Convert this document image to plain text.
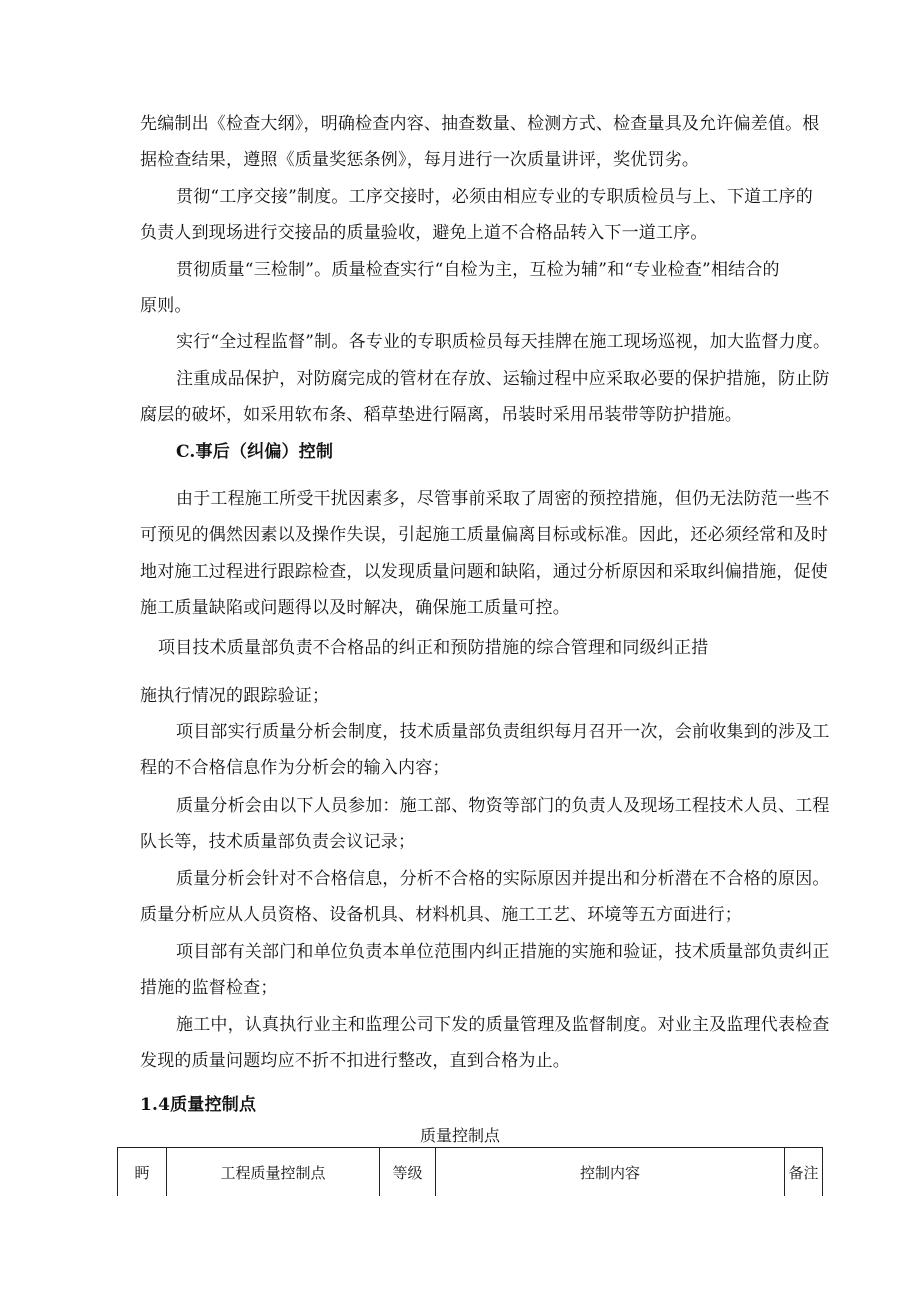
先编制出《检查大纲》，明确检查内容、抽查数量、检测方式、检查量具及允许偏差值。根
据检查结果，遵照《质量奖惩条例》，每月进行一次质量讲评，奖优罚劣。
贯彻“工序交接”制度。工序交接时，必须由相应专业的专职质检员与上、下道工序的
负责人到现场进行交接品的质量验收，避免上道不合格品转入下一道工序。
贯彻质量“三检制”。质量检查实行“自检为主，互检为辅”和“专业检查”相结合的
原则。
实行“全过程监督”制。各专业的专职质检员每天挂牌在施工现场巡视，加大监督力度。
注重成品保护，对防腐完成的管材在存放、运输过程中应采取必要的保护措施，防止防
腐层的破坏，如采用软布条、稻草垫进行隔离，吊装时采用吊装带等防护措施。
C.事后（纠偏）控制
由于工程施工所受干扰因素多，尽管事前采取了周密的预控措施，但仍无法防范一些不
可预见的偶然因素以及操作失误，引起施工质量偏离目标或标准。因此，还必须经常和及时
地对施工过程进行跟踪检查，以发现质量问题和缺陷，通过分析原因和采取纠偏措施，促使
施工质量缺陷或问题得以及时解决，确保施工质量可控。
项目技术质量部负责不合格品的纠正和预防措施的综合管理和同级纠正措
施执行情况的跟踪验证；
项目部实行质量分析会制度，技术质量部负责组织每月召开一次，会前收集到的涉及工
程的不合格信息作为分析会的输入内容；
质量分析会由以下人员参加：施工部、物资等部门的负责人及现场工程技术人员、工程
队长等，技术质量部负责会议记录；
质量分析会针对不合格信息，分析不合格的实际原因并提出和分析潜在不合格的原因。
质量分析应从人员资格、设备机具、材料机具、施工工艺、环境等五方面进行；
项目部有关部门和单位负责本单位范围内纠正措施的实施和验证，技术质量部负责纠正
措施的监督检查；
施工中，认真执行业主和监理公司下发的质量管理及监督制度。对业主及监理代表检查
发现的质量问题均应不折不扣进行整改，直到合格为止。
1.4质量控制点
质量控制点
眄	工程质量控制点	等级	控制内容	备注
